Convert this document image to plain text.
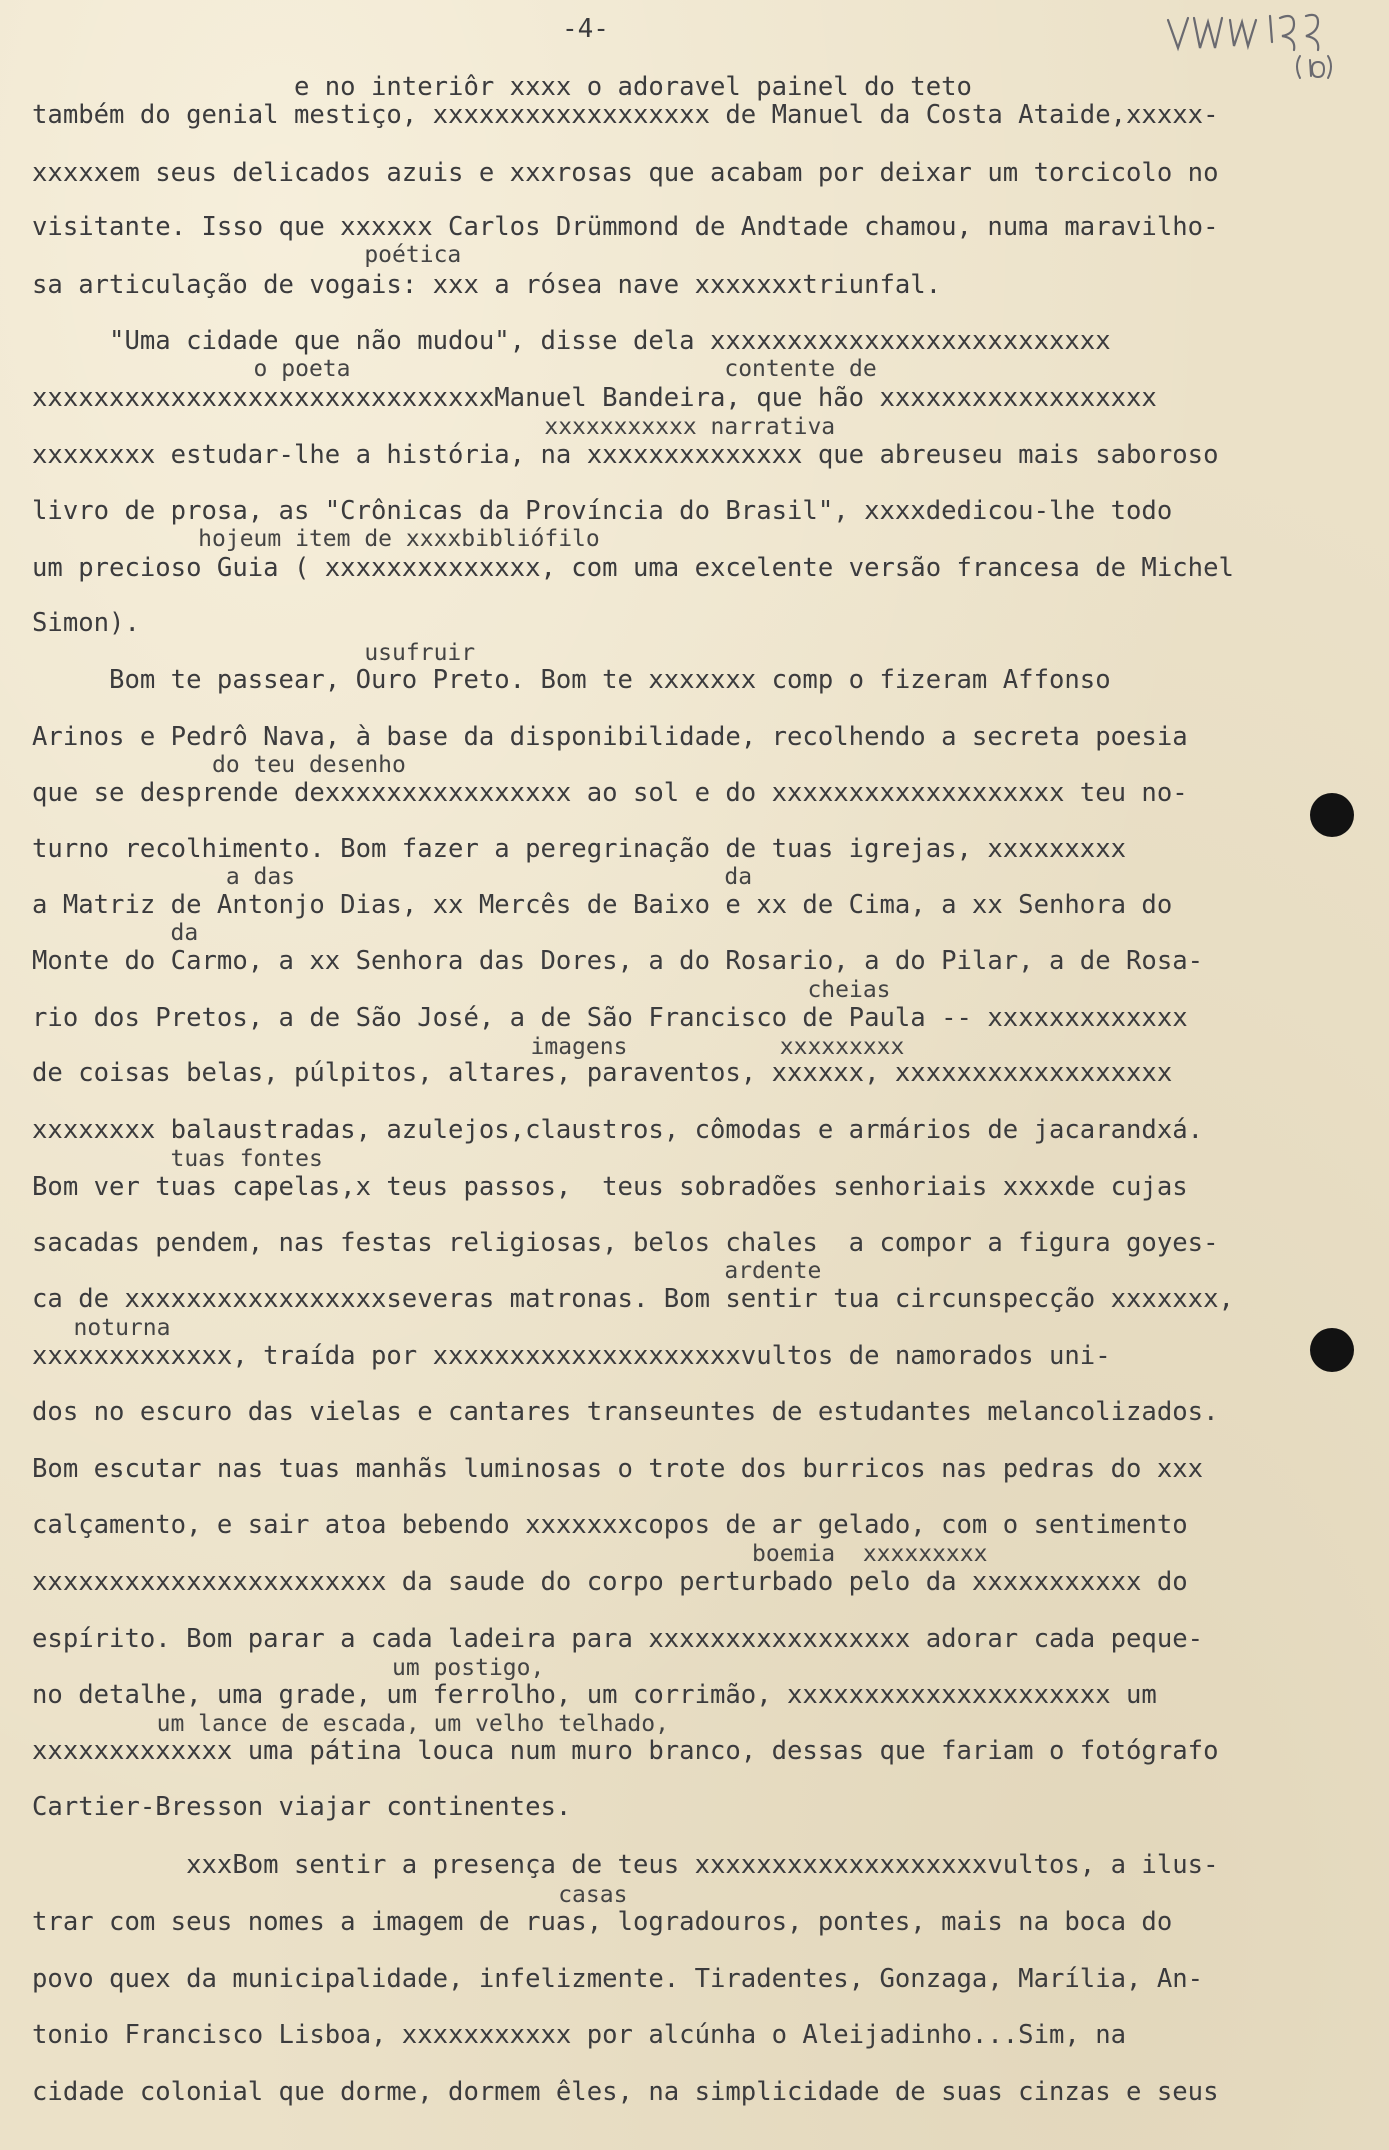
-4-

e no interiôr xxxx o adoravel painel do teto

também do genial mestiço, xxxxxxxxxxxxxxxxxx de Manuel da Costa Ataide,xxxxx-

xxxxxem seus delicados azuis e xxxrosas que acabam por deixar um torcicolo no

visitante. Isso que xxxxxx Carlos Drümmond de Andtade chamou, numa maravilho-

poética

sa articulação de vogais: xxx a rósea nave xxxxxxxtriunfal.

"Uma cidade que não mudou", disse dela xxxxxxxxxxxxxxxxxxxxxxxxxx

o poeta                           contente de

xxxxxxxxxxxxxxxxxxxxxxxxxxxxxxManuel Bandeira, que hão xxxxxxxxxxxxxxxxxx

xxxxxxxxxxx narrativa

xxxxxxxx estudar-lhe a história, na xxxxxxxxxxxxxx que abreuseu mais saboroso

livro de prosa, as "Crônicas da Província do Brasil", xxxxdedicou-lhe todo

hojeum item de xxxxbibliófilo

um precioso Guia ( xxxxxxxxxxxxxx, com uma excelente versão francesa de Michel

Simon).

usufruir

Bom te passear, Ouro Preto. Bom te xxxxxxx comp o fizeram Affonso

Arinos e Pedrô Nava, à base da disponibilidade, recolhendo a secreta poesia

do teu desenho

que se desprende dexxxxxxxxxxxxxxxx ao sol e do xxxxxxxxxxxxxxxxxxx teu no-

turno recolhimento. Bom fazer a peregrinação de tuas igrejas, xxxxxxxxx

a das                               da

a Matriz de Antonjo Dias, xx Mercês de Baixo e xx de Cima, a xx Senhora do

da

Monte do Carmo, a xx Senhora das Dores, a do Rosario, a do Pilar, a de Rosa-

cheias

rio dos Pretos, a de São José, a de São Francisco de Paula -- xxxxxxxxxxxxx

imagens           xxxxxxxxx

de coisas belas, púlpitos, altares, paraventos, xxxxxx, xxxxxxxxxxxxxxxxxx

xxxxxxxx balaustradas, azulejos,claustros, cômodas e armários de jacarandxá.

tuas fontes

Bom ver tuas capelas,x teus passos,  teus sobradões senhoriais xxxxde cujas

sacadas pendem, nas festas religiosas, belos chales  a compor a figura goyes-

ardente

ca de xxxxxxxxxxxxxxxxxseveras matronas. Bom sentir tua circunspecção xxxxxxx,

noturna

xxxxxxxxxxxxx, traída por xxxxxxxxxxxxxxxxxxxxvultos de namorados uni-

dos no escuro das vielas e cantares transeuntes de estudantes melancolizados.

Bom escutar nas tuas manhãs luminosas o trote dos burricos nas pedras do xxx

calçamento, e sair atoa bebendo xxxxxxxcopos de ar gelado, com o sentimento

boemia  xxxxxxxxx

xxxxxxxxxxxxxxxxxxxxxxx da saude do corpo perturbado pelo da xxxxxxxxxxx do

espírito. Bom parar a cada ladeira para xxxxxxxxxxxxxxxxx adorar cada peque-

um postigo,

no detalhe, uma grade, um ferrolho, um corrimão, xxxxxxxxxxxxxxxxxxxxx um

um lance de escada, um velho telhado,

xxxxxxxxxxxxx uma pátina louca num muro branco, dessas que fariam o fotógrafo

Cartier-Bresson viajar continentes.

xxxBom sentir a presença de teus xxxxxxxxxxxxxxxxxxxvultos, a ilus-

casas

trar com seus nomes a imagem de ruas, logradouros, pontes, mais na boca do

povo quex da municipalidade, infelizmente. Tiradentes, Gonzaga, Marília, An-

tonio Francisco Lisboa, xxxxxxxxxxx por alcúnha o Aleijadinho...Sim, na

cidade colonial que dorme, dormem êles, na simplicidade de suas cinzas e seus
